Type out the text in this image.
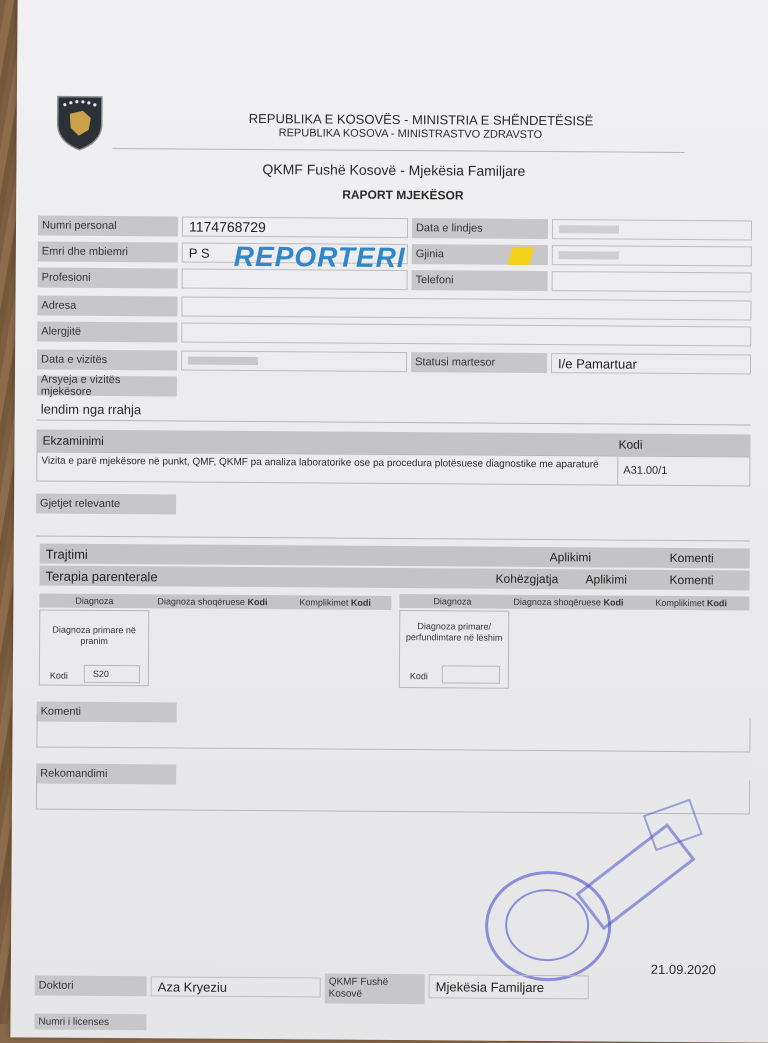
REPUBLIKA E KOSOVËS - MINISTRIA E SHËNDETËSISË
REPUBLIKA KOSOVA - MINISTRASTVO ZDRAVSTO
QKMF Fushë Kosovë - Mjekësia Familjare
RAPORT MJEKËSOR
Numri personal	1174768729	Data e lindjes
Emri dhe mbiemri	P S	Gjinia
REPORTERI
Profesioni	Telefoni
Adresa
Alergjitë
Data e vizitës	Statusi martesor	I/e Pamartuar
Arsyeja e vizitës mjekësore
lendim nga rrahja
Ekzaminimi	Kodi
Vizita e parë mjekësore në punkt, QMF, QKMF pa analiza laboratorike ose pa procedura plotësuese diagnostike me aparaturë
A31.00/1
Gjetjet relevante
Trajtimi	Aplikimi	Komenti
Terapia parenterale	Kohëzgjatja Aplikimi	Komenti
Diagnoza	Diagnoza shoqëruese Kodi	Komplikimet Kodi
Diagnoza primare në pranim
Kodi	S20
Diagnoza	Diagnoza shoqëruese Kodi	Komplikimet Kodi
Diagnoza primare/ perfundimtare në lëshim
Kodi
Komenti
Rekomandimi
21.09.2020
Doktori	Aza Kryeziu	QKMF Fushë Kosovë	Mjekësia Familjare
Numri i licenses
